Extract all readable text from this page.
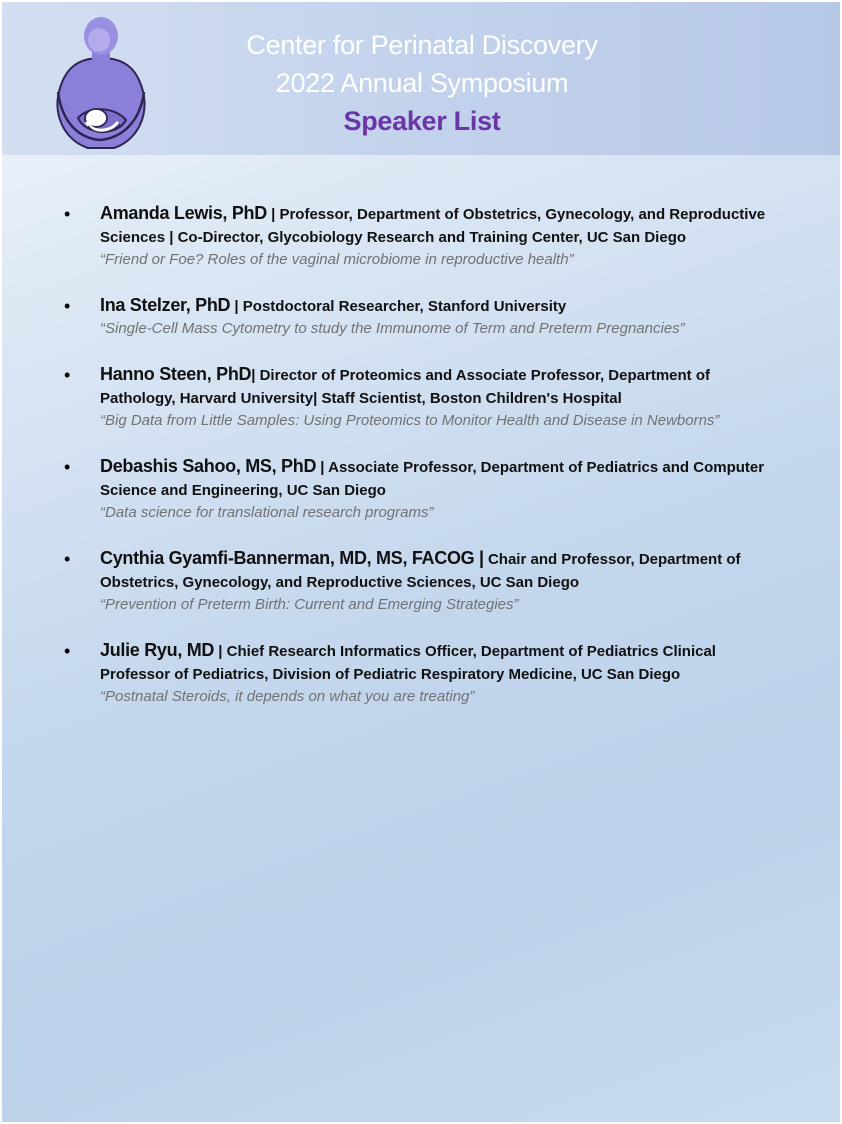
Center for Perinatal Discovery
2022 Annual Symposium
Speaker List
• Amanda Lewis, PhD | Professor, Department of Obstetrics, Gynecology, and Reproductive Sciences | Co-Director, Glycobiology Research and Training Center, UC San Diego
“Friend or Foe? Roles of the vaginal microbiome in reproductive health”
• Ina Stelzer, PhD | Postdoctoral Researcher, Stanford University
“Single-Cell Mass Cytometry to study the Immunome of Term and Preterm Pregnancies”
• Hanno Steen, PhD| Director of Proteomics and Associate Professor, Department of Pathology, Harvard University| Staff Scientist, Boston Children's Hospital
“Big Data from Little Samples: Using Proteomics to Monitor Health and Disease in Newborns”
• Debashis Sahoo, MS, PhD | Associate Professor, Department of Pediatrics and Computer Science and Engineering, UC San Diego
“Data science for translational research programs”
• Cynthia Gyamfi-Bannerman, MD, MS, FACOG | Chair and Professor, Department of Obstetrics, Gynecology, and Reproductive Sciences, UC San Diego
“Prevention of Preterm Birth: Current and Emerging Strategies”
• Julie Ryu, MD | Chief Research Informatics Officer, Department of Pediatrics Clinical Professor of Pediatrics, Division of Pediatric Respiratory Medicine, UC San Diego
“Postnatal Steroids, it depends on what you are treating”
